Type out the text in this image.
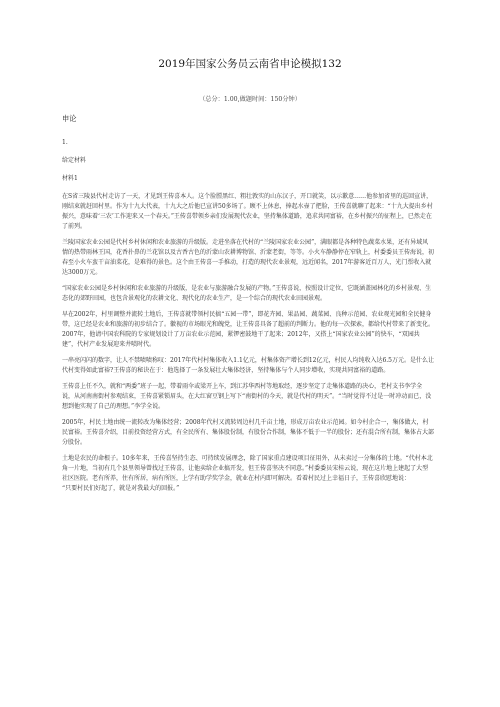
2019年国家公务员云南省申论模拟132
（总分：1.00,做题时间：150分钟）

申论

1.

给定材料

材料1

在S省三陵县代村走访了一天，才见到王传喜本人。这个脸膛黑红、粗壮敦实的山东汉子，开口就笑，以示歉意……他参加省里的巡回宣讲，刚结束就赶回村里。作为十九大代表，十九大之后他已宣讲50多场了。顾不上休息，捧起水壶了把脸，王传喜就聊了起来：“十九大提出乡村振兴，意味着‘三农’工作迎来又一个春天。”王传喜带领乡亲们发展现代农业，坚持集体道路，追求共同富裕，在乡村振兴的征程上，已然走在了前列。

兰陵国家农业公园是代村乡村休闲和农业旅游的升级版。走进坐落在代村的“兰陵国家农业公园”，满眼都是各种特色蔬菜水果，还有异域风情的热带雨林王国，花香扑鼻的兰花馆以及古香古色的沂蒙山农耕博物馆、沂蒙老街，等等。小火车静静停在窄轨上，村委委员王传海说，初春至小火车蛮干亩油菜花，是难得的景色。这个由王传喜一手推动，打造的现代农业景观，远近闻名，2017年游客近百万人，光门票收入就达3000万元。

“国家农业公园是乡村休闲和农业旅游的升级版，是农业与旅游融合发展的产物。”王传喜说，按照设计定位，它既涵盖园林化的乡村景观、生态化的郊野田园，也包含景观化的农耕文化、现代化的农业生产，是一个综合的现代农业田园景观。

早在2002年，村里调整并流转土地后，王传喜就带领村民搞“五园一带”，即花卉园、果品园、蔬菜园、良种示范园、农业观光园和全民健身带，这已经是农业和旅游的初步结合了。徽视的市场眼光和魄党，让王传喜具备了超前的判断力。他的每一次探索，都给代村带来了新变化。2007年，他请中国农科院的专家规划设计了万亩农业示范园，紧锣密鼓地干了起来；2012年，又搭上“国家农业公园”的快车，“双园共建”，代村产业发展迎来井喷时代。

一串亮闪闪的数字，让人不禁啧啧称叹：2017年代村村集体收入1.1亿元，村集体资产增长到12亿元，村民人均纯收入达6.5万元。是什么让代村变得如此富裕?王传喜的秘诀在于：他选择了一条发展壮大集体经济，坚持集体与个人同步增收，实现共同富裕的道路。

王传喜上任不久，就和“两委”班子一起，带着雨伞或梁开上车，到江苏华西村等地取经，逐步坚定了走集体道路的决心，老村支书李学全说，从河南南街村参观结束，王传喜紧锁眉头，在大红窗豆钢上写下“南街村的今天，就是代村的明天”。“当时觉得不过是一时冲动而已，没想到他实现了自己的理想。”李学全说。

2005年，村民土地由统一流转改为集体经营；2008年代村又流转周边村几千亩土地，形成万亩农业示范园。如今村企合一，集体做大，村民富裕。王传喜介绍，目前投资经营方式，有全民所有、集体股份制，有股份合作制，集体不低于一半的股份；还有混合所有制，集体占大部分股份。

土地是农民的命根子。10多年来，王传喜坚持生态、可持续发展理念，除了国家重点建设项目征用外，从未卖过一分集体的土地。“代村本北角一片地，当初有几个县里领导曾找过王传喜，让他卖给企业搞开发，但王传喜坚决不同意。”村委委员宋桂云说，现在这片地上建起了大型社区医院。老有所养，住有所居，病有所医，上学有助学奖学金，就业在村内即可解决。看着村民过上幸福日子，王传喜欣慰地说：

“只要村民们好起了，就是对我最大的回报。”
